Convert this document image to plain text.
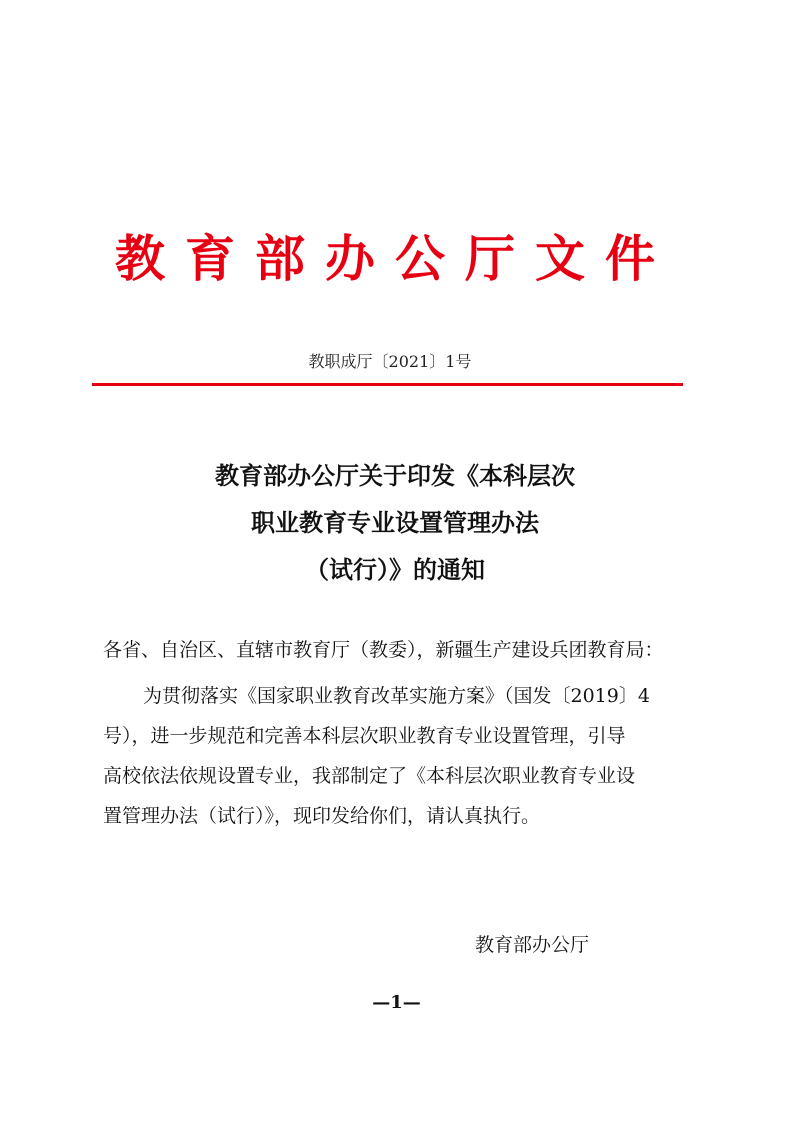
教育部办公厅文件
教职成厅〔2021〕1号
教育部办公厅关于印发《本科层次
职业教育专业设置管理办法
（试行）》的通知
各省、自治区、直辖市教育厅（教委），新疆生产建设兵团教育局：
为贯彻落实《国家职业教育改革实施方案》（国发〔2019〕4
号），进一步规范和完善本科层次职业教育专业设置管理，引导
高校依法依规设置专业，我部制定了《本科层次职业教育专业设
置管理办法（试行）》，现印发给你们，请认真执行。
教育部办公厅
—1—
